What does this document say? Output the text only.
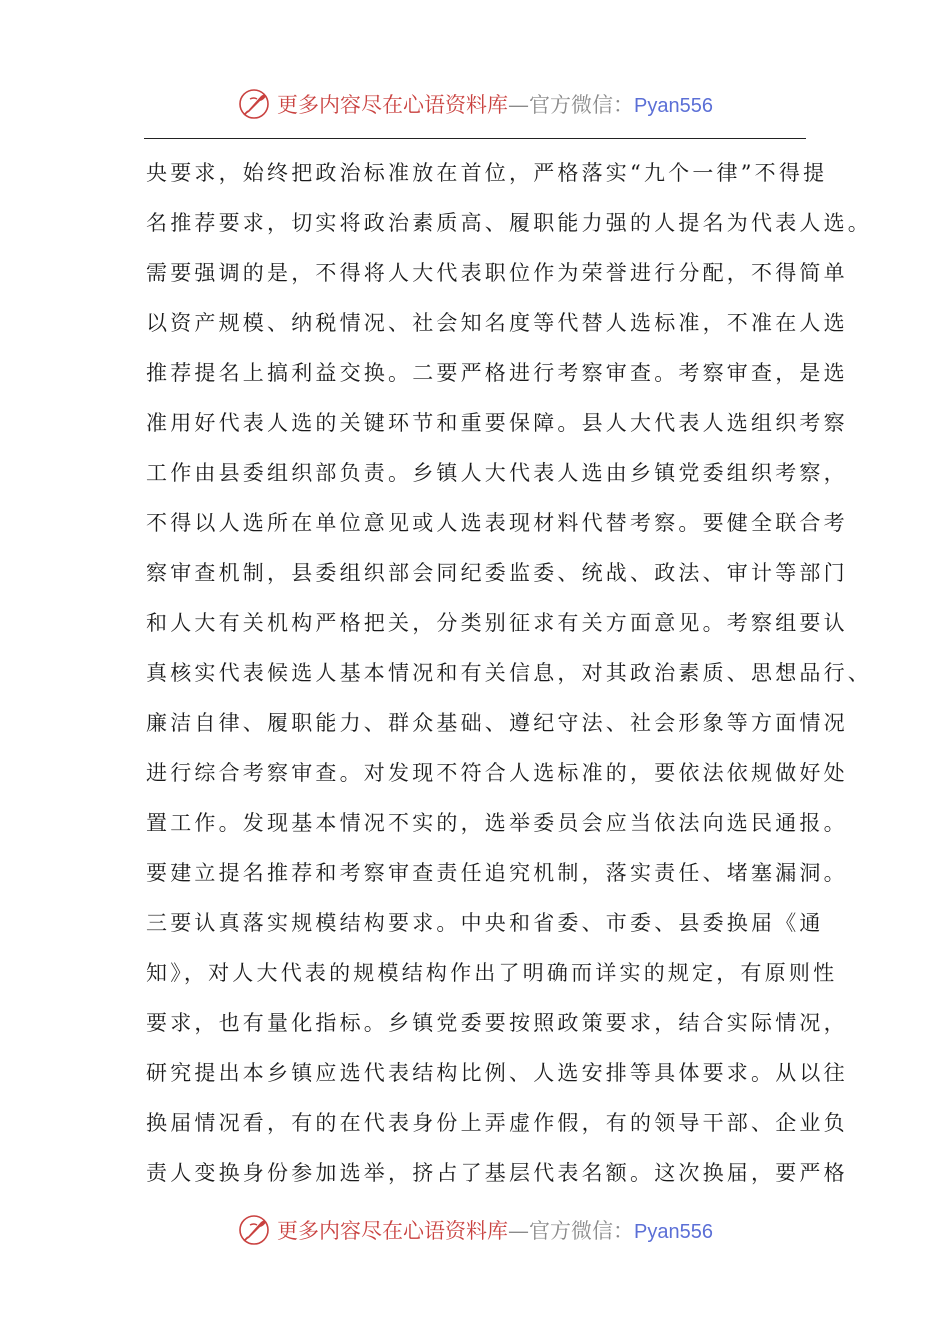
更多内容尽在心语资料库—官方微信：Pyan556
央要求，始终把政治标准放在首位，严格落实“九个一律”不得提
名推荐要求，切实将政治素质高、履职能力强的人提名为代表人选。
需要强调的是，不得将人大代表职位作为荣誉进行分配，不得简单
以资产规模、纳税情况、社会知名度等代替人选标准，不准在人选
推荐提名上搞利益交换。二要严格进行考察审查。考察审查，是选
准用好代表人选的关键环节和重要保障。县人大代表人选组织考察
工作由县委组织部负责。乡镇人大代表人选由乡镇党委组织考察，
不得以人选所在单位意见或人选表现材料代替考察。要健全联合考
察审查机制，县委组织部会同纪委监委、统战、政法、审计等部门
和人大有关机构严格把关，分类别征求有关方面意见。考察组要认
真核实代表候选人基本情况和有关信息，对其政治素质、思想品行、
廉洁自律、履职能力、群众基础、遵纪守法、社会形象等方面情况
进行综合考察审查。对发现不符合人选标准的，要依法依规做好处
置工作。发现基本情况不实的，选举委员会应当依法向选民通报。
要建立提名推荐和考察审查责任追究机制，落实责任、堵塞漏洞。
三要认真落实规模结构要求。中央和省委、市委、县委换届《通
知》，对人大代表的规模结构作出了明确而详实的规定，有原则性
要求，也有量化指标。乡镇党委要按照政策要求，结合实际情况，
研究提出本乡镇应选代表结构比例、人选安排等具体要求。从以往
换届情况看，有的在代表身份上弄虚作假，有的领导干部、企业负
责人变换身份参加选举，挤占了基层代表名额。这次换届，要严格
更多内容尽在心语资料库—官方微信：Pyan556
